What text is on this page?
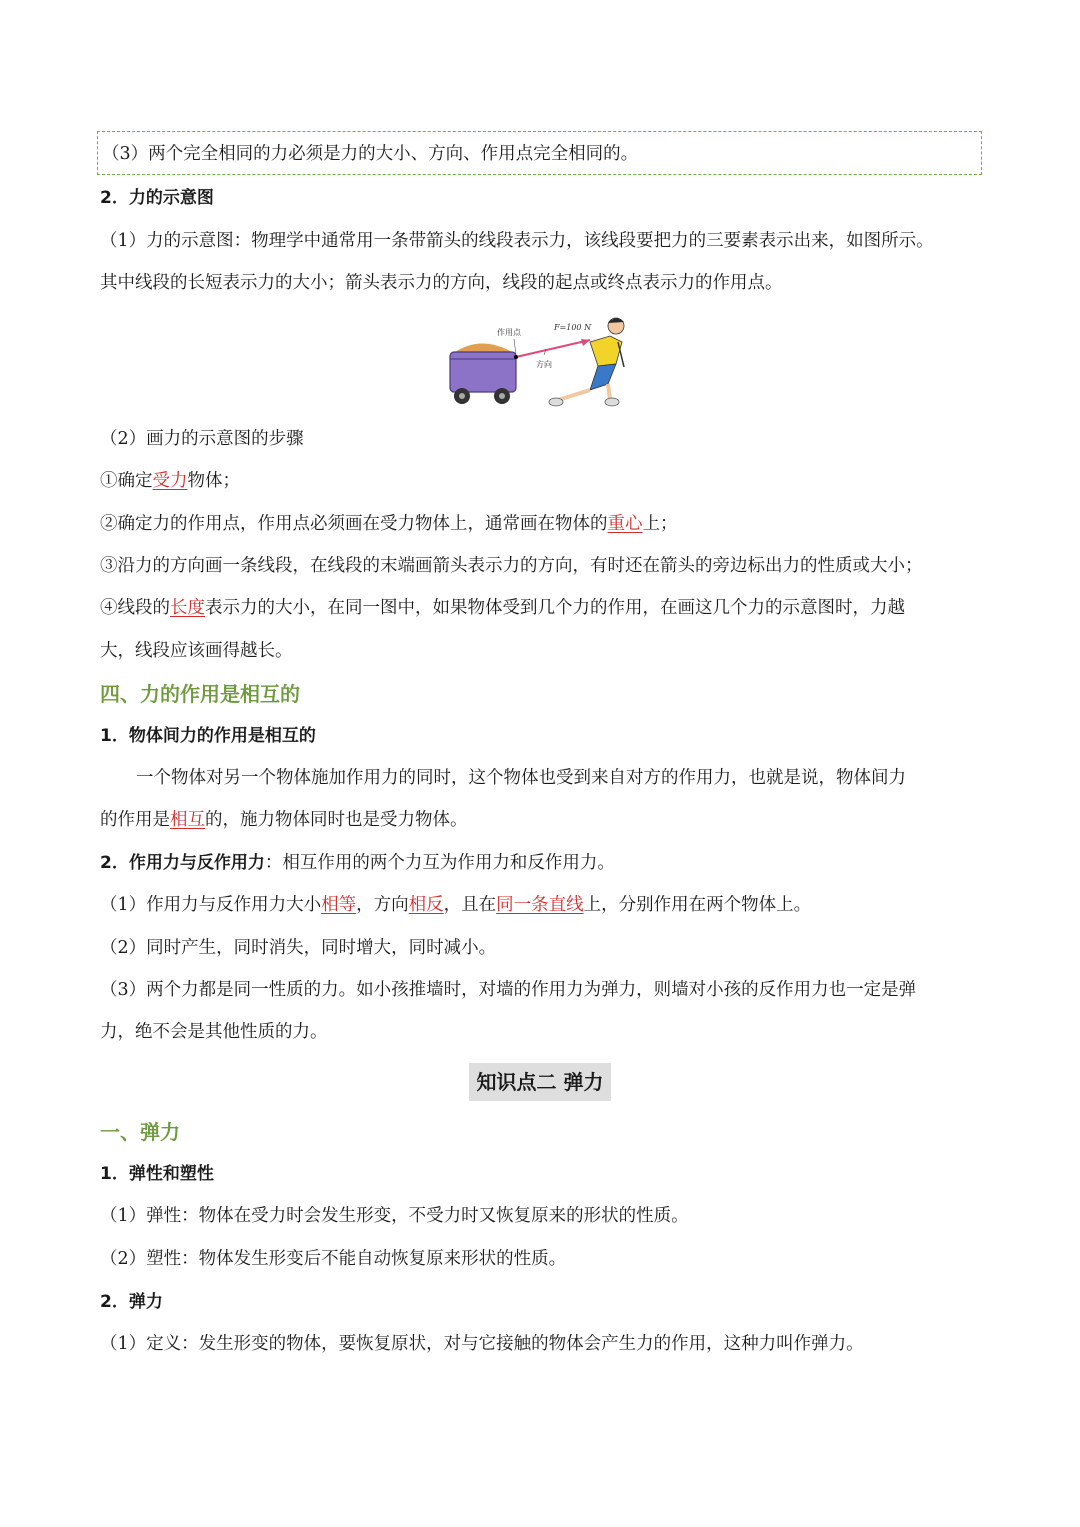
（3）两个完全相同的力必须是力的大小、方向、作用点完全相同的。
2．力的示意图
（1）力的示意图：物理学中通常用一条带箭头的线段表示力，该线段要把力的三要素表示出来，如图所示。
其中线段的长短表示力的大小；箭头表示力的方向，线段的起点或终点表示力的作用点。
作用点
F=100 N
方向
（2）画力的示意图的步骤
①确定受力物体；
②确定力的作用点，作用点必须画在受力物体上，通常画在物体的重心上；
③沿力的方向画一条线段，在线段的末端画箭头表示力的方向，有时还在箭头的旁边标出力的性质或大小；
④线段的长度表示力的大小，在同一图中，如果物体受到几个力的作用，在画这几个力的示意图时，力越
大，线段应该画得越长。
四、力的作用是相互的
1．物体间力的作用是相互的
一个物体对另一个物体施加作用力的同时，这个物体也受到来自对方的作用力，也就是说，物体间力
的作用是相互的，施力物体同时也是受力物体。
2．作用力与反作用力：相互作用的两个力互为作用力和反作用力。
（1）作用力与反作用力大小相等，方向相反，且在同一条直线上，分别作用在两个物体上。
（2）同时产生，同时消失，同时增大，同时减小。
（3）两个力都是同一性质的力。如小孩推墙时，对墙的作用力为弹力，则墙对小孩的反作用力也一定是弹
力，绝不会是其他性质的力。
知识点二 弹力
一、弹力
1．弹性和塑性
（1）弹性：物体在受力时会发生形变，不受力时又恢复原来的形状的性质。
（2）塑性：物体发生形变后不能自动恢复原来形状的性质。
2．弹力
（1）定义：发生形变的物体，要恢复原状，对与它接触的物体会产生力的作用，这种力叫作弹力。
